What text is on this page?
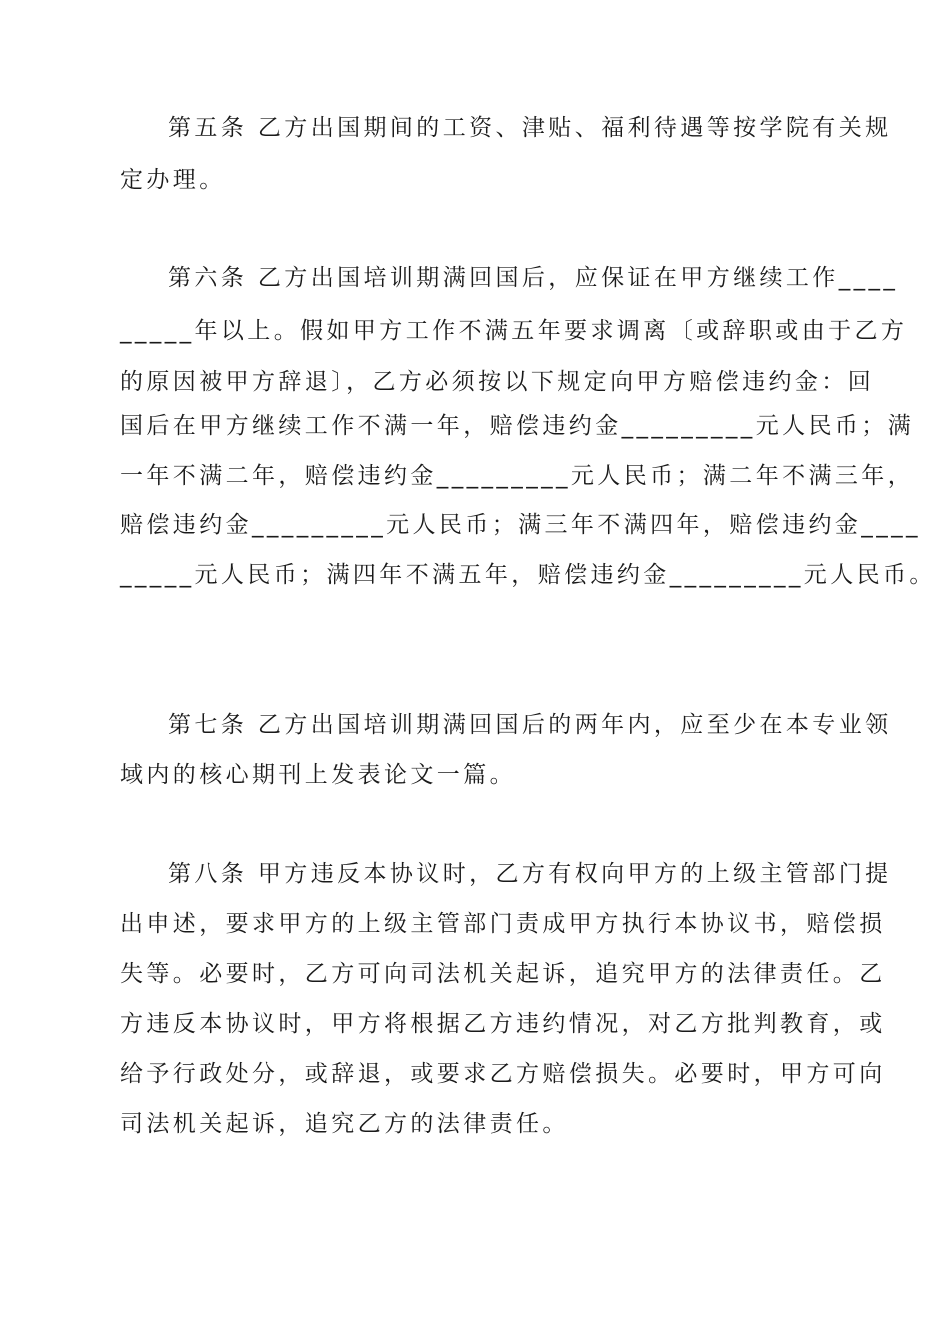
第五条 乙方出国期间的工资、津贴、福利待遇等按学院有关规
定办理。
第六条 乙方出国培训期满回国后，应保证在甲方继续工作____
_____年以上。假如甲方工作不满五年要求调离〔或辞职或由于乙方
的原因被甲方辞退〕，乙方必须按以下规定向甲方赔偿违约金：回
国后在甲方继续工作不满一年，赔偿违约金_________元人民币；满
一年不满二年，赔偿违约金_________元人民币；满二年不满三年，
赔偿违约金_________元人民币；满三年不满四年，赔偿违约金____
_____元人民币；满四年不满五年，赔偿违约金_________元人民币。
第七条 乙方出国培训期满回国后的两年内，应至少在本专业领
域内的核心期刊上发表论文一篇。
第八条 甲方违反本协议时，乙方有权向甲方的上级主管部门提
出申述，要求甲方的上级主管部门责成甲方执行本协议书，赔偿损
失等。必要时，乙方可向司法机关起诉，追究甲方的法律责任。乙
方违反本协议时，甲方将根据乙方违约情况，对乙方批判教育，或
给予行政处分，或辞退，或要求乙方赔偿损失。必要时，甲方可向
司法机关起诉，追究乙方的法律责任。
